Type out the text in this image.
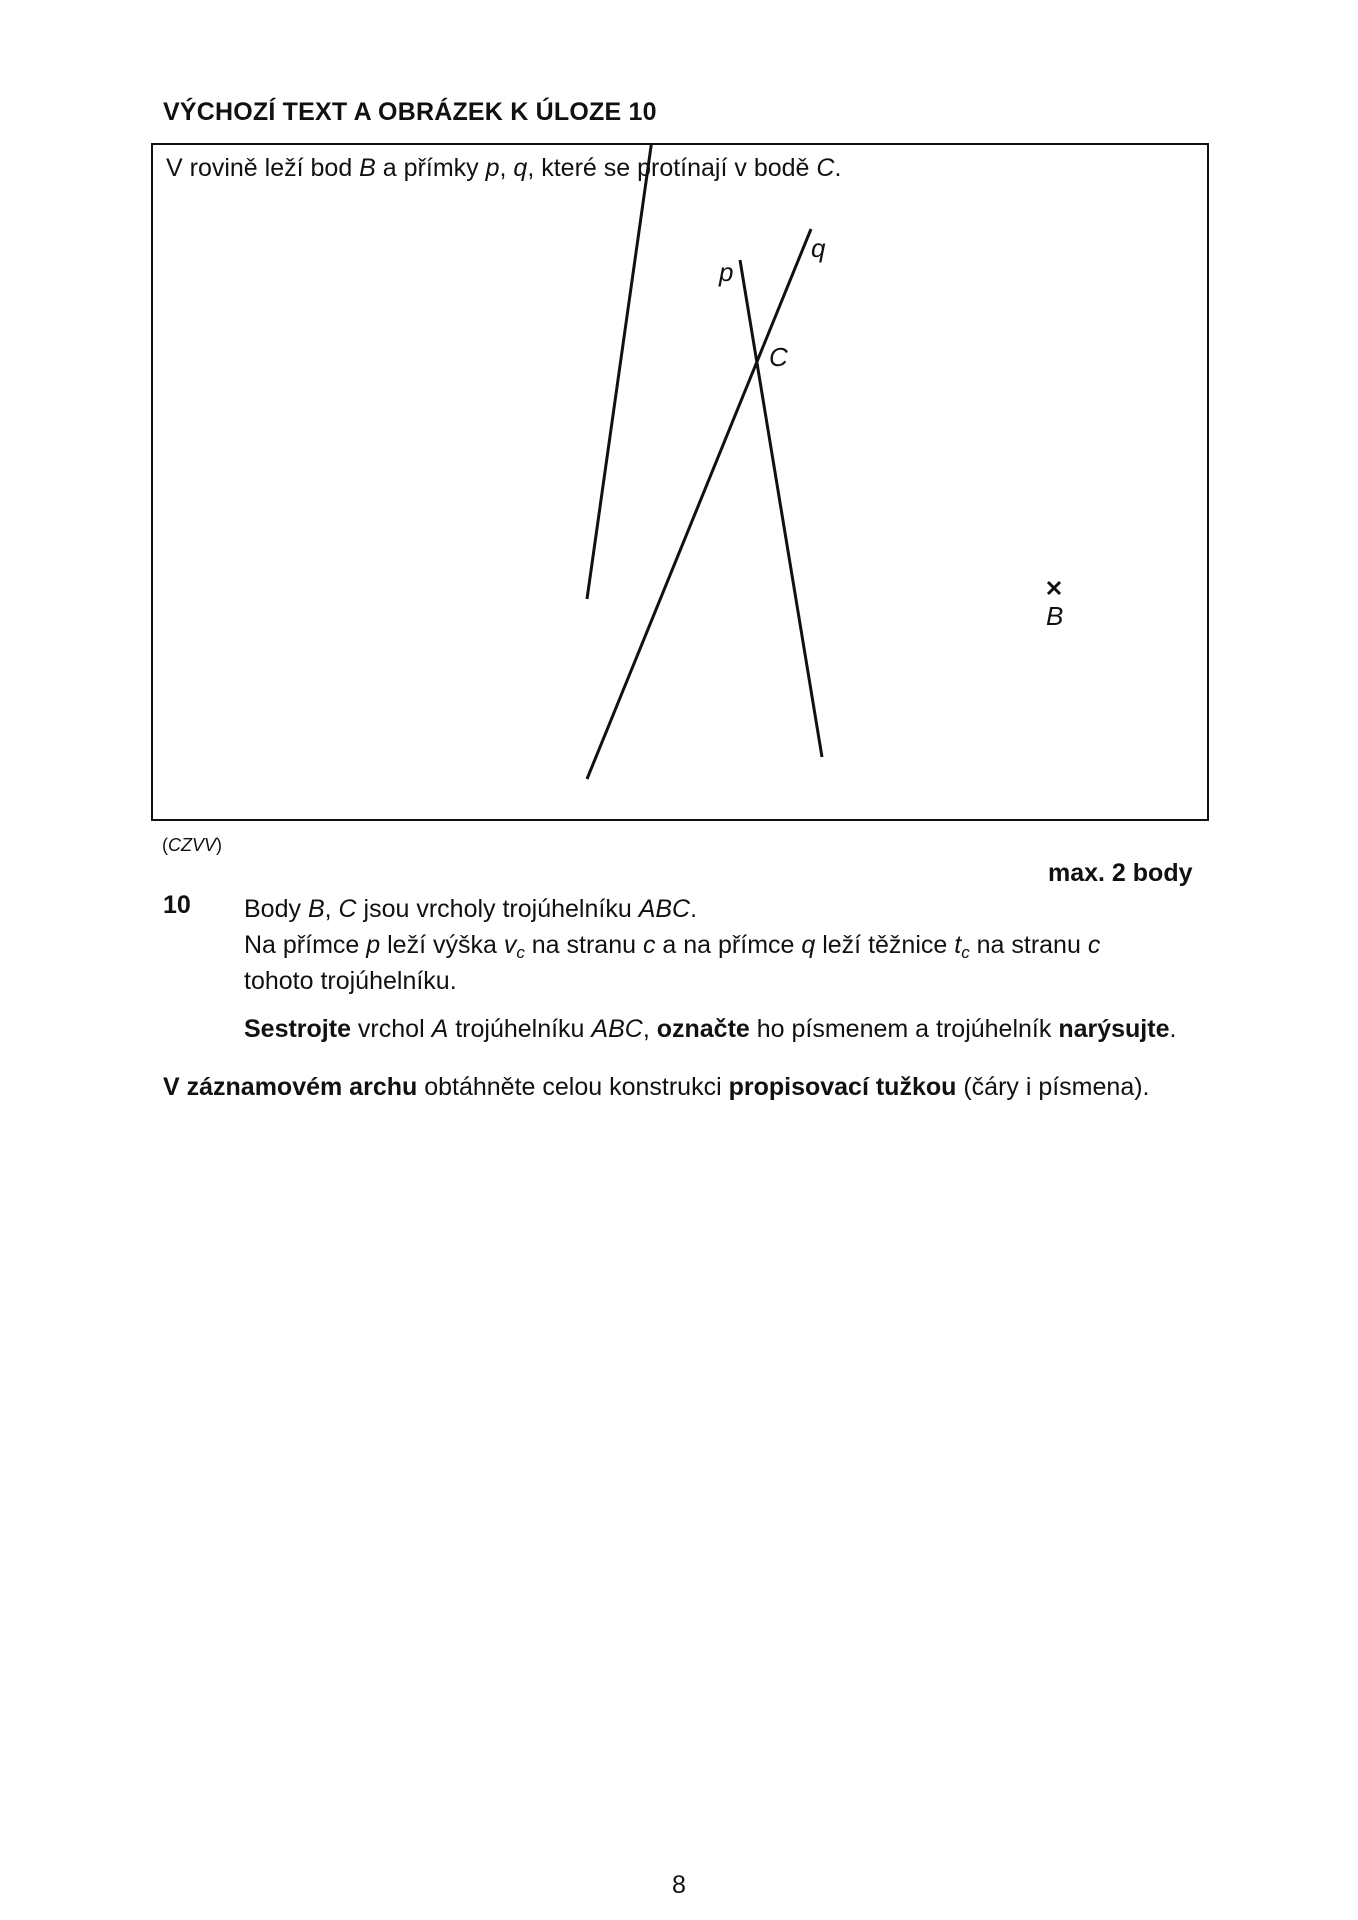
VÝCHOZÍ TEXT A OBRÁZEK K ÚLOZE 10
V rovině leží bod B a přímky p, q, které se protínají v bodě C.
p
q
C
B
(CZVV)
max. 2 body
10 Body B, C jsou vrcholy trojúhelníku ABC.

Na přímce p leží výška $v_c$ na stranu c a na přímce q leží těžnice $t_c$ na stranu c

tohoto trojúhelníku.

Sestrojte vrchol A trojúhelníku ABC, označte ho písmenem a trojúhelník narýsujte.

V záznamovém archu obtáhněte celou konstrukci propisovací tužkou (čáry i písmena).
8
